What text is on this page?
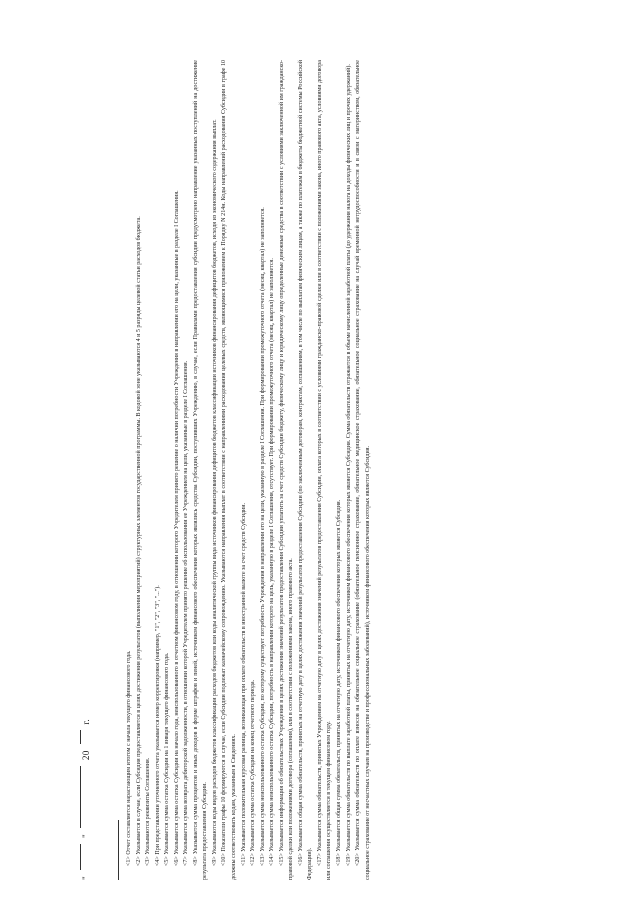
"
"
20
г.	<1> Отчет составляется нарастающим итогом с начала текущего финансового года. <2> Указывается в случае, если Субсидия предоставляется в целях достижения результатов (выполнения мероприятий) структурных элементов государственной программы. В кодовой зоне указываются 4 и 5 разряды целевой статьи расходов бюджета. <3> Указываются реквизиты Соглашения. <4> При представлении уточненного отчета указывается номер корректировки (например, "1", "2", "3", "..."). <5> Указывается сумма остатка Субсидии на 1 января текущего финансового года. <6> Указывается сумма остатка Субсидии на начало года, неиспользованного в отчетном финансовом году, в отношении которого Учредителем принято решение о наличии потребности Учреждения в направлении его на цели, указанные в разделе I Соглашения. <7> Указывается сумма возврата дебиторской задолженности, в отношении которой Учредителем принято решение об использовании ее Учреждением на цели, указанные в разделе I Соглашения. <8> Указывается сумма процентов и иных доходов в форме штрафов и пеней, источником финансового обеспечения которых являлись средства Субсидии, поступивших Учреждению, в случае, если Правилами предоставления субсидии предусмотрено направление указанных поступлений на достижение результата предоставления Субсидии. <9> Указываются коды видов расходов бюджетов классификации расходов бюджетов или коды аналитической группы вида источников финансирования дефицитов бюджетов классификации источников финансирования дефицитов бюджетов, исходя из экономического содержания выплат. <10> Показатели графы 10 формируются в случае, если Субсидии подлежат казначейскому сопровождению. Указываются направления выплат в соответствии с направлениями расходования целевых средств, являющимися приложением к Порядку N 214н. Коды направлений расходования Субсидии в графе 10 должны соответствовать кодам, указанным в Сведениях. <11> Указывается положительная курсовая разница, возникающая при оплате обязательств в иностранной валюте за счет средств Субсидии. <12> Указывается сумма остатка Субсидии на конец отчетного периода. <13> Указывается сумма неиспользованного остатка Субсидии, по которому существует потребность Учреждения в направлении его на цели, указанную в разделе I Соглашения. При формировании промежуточного отчета (месяц, квартал) не заполняется. <14> Указывается сумма неиспользованного остатка Субсидии, потребность в направлении которого на цель, указанную в разделе I Соглашения, отсутствует. При формировании промежуточного отчета (месяц, квартал) не заполняется. <15> Указывается информация об обязательствах Учреждения в целях достижения значений результатов предоставления Субсидии уплатить за счет средств Субсидии бюджету, физическому лицу и юридическому лицу определенные денежные средства в соответствии с условиями заключенной им гражданско-правовой сделки или положениями договора (соглашения), или в соответствии с положениями закона, иного правового акта. <16> Указывается общая сумма обязательств, принятых на отчетную дату в целях достижения значений результатов предоставления Субсидии (по заключенным договорам, контрактам, соглашениям, в том числе по выплатам физическим лицам, а также по платежам в бюджеты бюджетной системы Российской Федерации). <17> Указывается сумма обязательств, принятых Учреждением на отчетную дату в целях достижения значений результатов предоставления Субсидии, оплата которых в соответствии с условиями гражданско-правовой сделки или в соответствии с положениями закона, иного правового акта, условиями договора или соглашения осуществляется в текущем финансовом году. <18> Указывается общая сумма обязательств, принятых на отчетную дату, источником финансового обеспечения которых является Субсидия. <19> Указывается сумма обязательств по выплате заработной платы, принятых на отчетную дату, источником финансового обеспечения которых является Субсидия. Сумма обязательств отражается в объеме начисленной заработной платы (до удержания налога на доходы физических лиц и прочих удержаний). <20> Указывается сумма обязательств по оплате взносов на обязательное социальное страхование (обязательное пенсионное страхование, обязательное медицинское страхование, обязательное социальное страхование на случай временной нетрудоспособности и в связи с материнством, обязательное социальное страхование от несчастных случаев на производстве и профессиональных заболеваний), источником финансового обеспечения которых является Субсидия.
